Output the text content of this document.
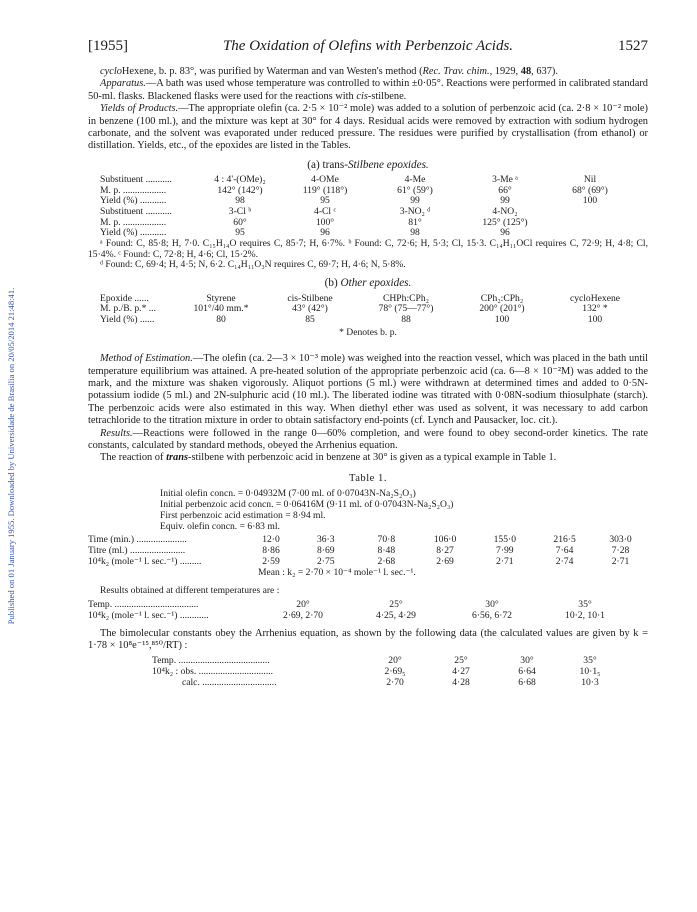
Published on 01 January 1955. Downloaded by Universidade de Brasilia on 20/05/2014 21:48:41.
[1955]	The Oxidation of Olefins with Perbenzoic Acids.	1527

cycloHexene, b. p. 83°, was purified by Waterman and van Westen's method (Rec. Trav. chim., 1929, 48, 637).

Apparatus.—A bath was used whose temperature was controlled to within ±0·05°. Reactions were performed in calibrated standard 50-ml. flasks. Blackened flasks were used for the reactions with cis-stilbene.

Yields of Products.—The appropriate olefin (ca. 2·5 × 10⁻² mole) was added to a solution of perbenzoic acid (ca. 2·8 × 10⁻² mole) in benzene (100 ml.), and the mixture was kept at 30° for 4 days. Residual acids were removed by extraction with sodium hydrogen carbonate, and the solvent was evaporated under reduced pressure. The residues were purified by crystallisation (from ethanol) or distillation. Yields, etc., of the epoxides are listed in the Tables.

(a) trans-Stilbene epoxides.
Substituent ...........	4 : 4'-(OMe)₂	4-OMe	4-Me	3-Me ᵃ	Nil
M. p. ..................	142° (142°)	119° (118°)	61° (59°)	66°	68° (69°)
Yield (%) ...........	98	95	99	99	100
Substituent ...........	3-Cl ᵇ	4-Cl ᶜ	3-NO₂ ᵈ	4-NO₂	
M. p. ..................	60°	100°	81°	125° (125°)	
Yield (%) ...........	95	96	98	96	
ᵃ Found: C, 85·8; H, 7·0. C₁₅H₁₄O requires C, 85·7; H, 6·7%. ᵇ Found: C, 72·6; H, 5·3; Cl, 15·3. C₁₄H₁₁OCl requires C, 72·9; H, 4·8; Cl, 15·4%. ᶜ Found: C, 72·8; H, 4·6; Cl, 15·2%.
ᵈ Found: C, 69·4; H, 4·5; N, 6·2. C₁₄H₁₁O₃N requires C, 69·7; H, 4·6; N, 5·8%.
(b) Other epoxides.
Epoxide ......	Styrene	cis-Stilbene	CHPh:CPh₂	CPh₂:CPh₂	cycloHexene
M. p./B. p.* ...	101°/40 mm.*	43° (42°)	78° (75—77°)	200° (201°)	132° *
Yield (%) ......	80	85	88	100	100
* Denotes b. p.

Method of Estimation.—The olefin (ca. 2—3 × 10⁻³ mole) was weighed into the reaction vessel, which was placed in the bath until temperature equilibrium was attained. A pre-heated solution of the appropriate perbenzoic acid (ca. 6—8 × 10⁻²M) was added to the mark, and the mixture was shaken vigorously. Aliquot portions (5 ml.) were withdrawn at determined times and added to 0·5N-potassium iodide (5 ml.) and 2N-sulphuric acid (10 ml.). The liberated iodine was titrated with 0·08N-sodium thiosulphate (starch). The perbenzoic acids were also estimated in this way. When diethyl ether was used as solvent, it was necessary to add carbon tetrachloride to the titration mixture in order to obtain satisfactory end-points (cf. Lynch and Pausacker, loc. cit.).

Results.—Reactions were followed in the range 0—60% completion, and were found to obey second-order kinetics. The rate constants, calculated by standard methods, obeyed the Arrhenius equation.

The reaction of trans-stilbene with perbenzoic acid in benzene at 30° is given as a typical example in Table 1.

Table 1.
Initial olefin concn. = 0·04932M (7·00 ml. of 0·07043N-Na₂S₂O₃)
Initial perbenzoic acid concn. = 0·06416M (9·11 ml. of 0·07043N-Na₂S₂O₃)
First perbenzoic acid estimation = 8·94 ml.
Equiv. olefin concn. = 6·83 ml.
Time (min.) .....................	12·0	36·3	70·8	106·0	155·0	216·5	303·0
Titre (ml.) .......................	8·86	8·69	8·48	8·27	7·99	7·64	7·28
10⁴k₂ (mole⁻¹ l. sec.⁻¹) .........	2·59	2·75	2·68	2·69	2·71	2·74	2·71
Mean : k₂ = 2·70 × 10⁻⁴ mole⁻¹ l. sec.⁻¹.
Results obtained at different temperatures are :
Temp. ...................................	20°	25°	30°	35°
10⁴k₂ (mole⁻¹ l. sec.⁻¹) ............	2·69, 2·70	4·25, 4·29	6·56, 6·72	10·2, 10·1

The bimolecular constants obey the Arrhenius equation, as shown by the following data (the calculated values are given by k = 1·78 × 10⁸e⁻¹⁵,⁸⁵⁰/RT) :

Temp. ......................................	20°	25°	30°	35°
10⁴k₂ : obs. ...............................	2·69₅	4·27	6·64	10·1₅
calc. ...............................	2·70	4·28	6·68	10·3
